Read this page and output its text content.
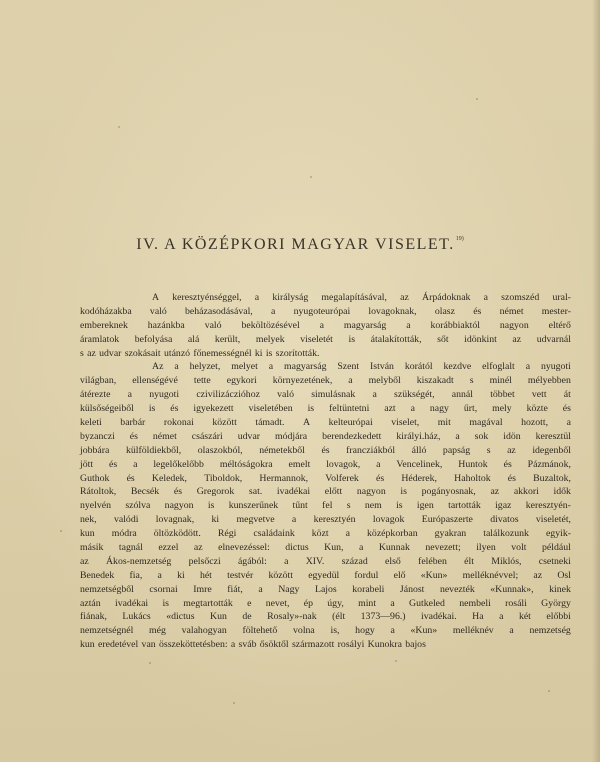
IV. A KÖZÉPKORI MAGYAR VISELET.$^{19)}$
A keresztyénséggel, a királyság megalapításával, az Árpádoknak a szomszéd ural-
kodóházakba való beházasodásával, a nyugoteurópai lovagoknak, olasz és német mester-
embereknek hazánkba való beköltözésével a magyarság a korábbiaktól nagyon eltérő
áramlatok befolyása alá került, melyek viseletét is átalakították, sőt idönkint az udvarnál
s az udvar szokásait utánzó főnemességnél ki is szorították.
Az a helyzet, melyet a magyarság Szent István korától kezdve elfoglalt a nyugoti
világban, ellenségévé tette egykori környezetének, a melyből kiszakadt s minél mélyebben
átérezte a nyugoti czivilizáczióhoz való simulásnak a szükségét, annál többet vett át
külsőségeiből is és igyekezett viseletében is feltüntetni azt a nagy űrt, mely közte és
keleti barbár rokonai között támadt. A kelteurópai viselet, mit magával hozott, a
byzanczi és német császári udvar módjára berendezkedett királyi.ház, a sok idön keresztül
jobbára külföldiekből, olaszokból, németekből és francziákból álló papság s az idegenből
jött és a legelőkelőbb méltóságokra emelt lovagok, a Vencelinek, Huntok és Pázmánok,
Guthok és Keledek, Tiboldok, Hermannok, Volferek és Héderek, Haholtok és Buzaltok,
Rátoltok, Becsék és Gregorok sat. ivadékai előtt nagyon is pogányosnak, az akkori idők
nyelvén szólva nagyon is kunszerűnek tűnt fel s nem is igen tartották igaz keresztyén-
nek, valódi lovagnak, ki megvetve a keresztyén lovagok Európaszerte divatos viseletét,
kun módra öltözködött. Régi családaink közt a középkorban gyakran találkozunk egyik-
másik tagnál ezzel az elnevezéssel: dictus Kun, a Kunnak nevezett; ilyen volt például
az Ákos-nemzetség pelsőczi ágából: a XIV. század első felében élt Miklós, csetneki
Benedek fia, a ki hét testvér között egyedül fordul elő «Kun» melléknévvel; az Osl
nemzetségből csornai Imre fiát, a Nagy Lajos korabeli Jánost nevezték «Kunnak», kinek
aztán ivadékai is megtartották e nevet, ép úgy, mint a Gutkeled nembeli rosáli György
fiának, Lukács «dictus Kun de Rosaly»-nak (élt 1373—96.) ivadékai. Ha a két előbbi
nemzetségnél még valahogyan föltehető volna is, hogy a «Kun» melléknév a nemzetség
kun eredetével van összeköttetésben: a sváb ősöktől származott rosályi Kunokra bajos
